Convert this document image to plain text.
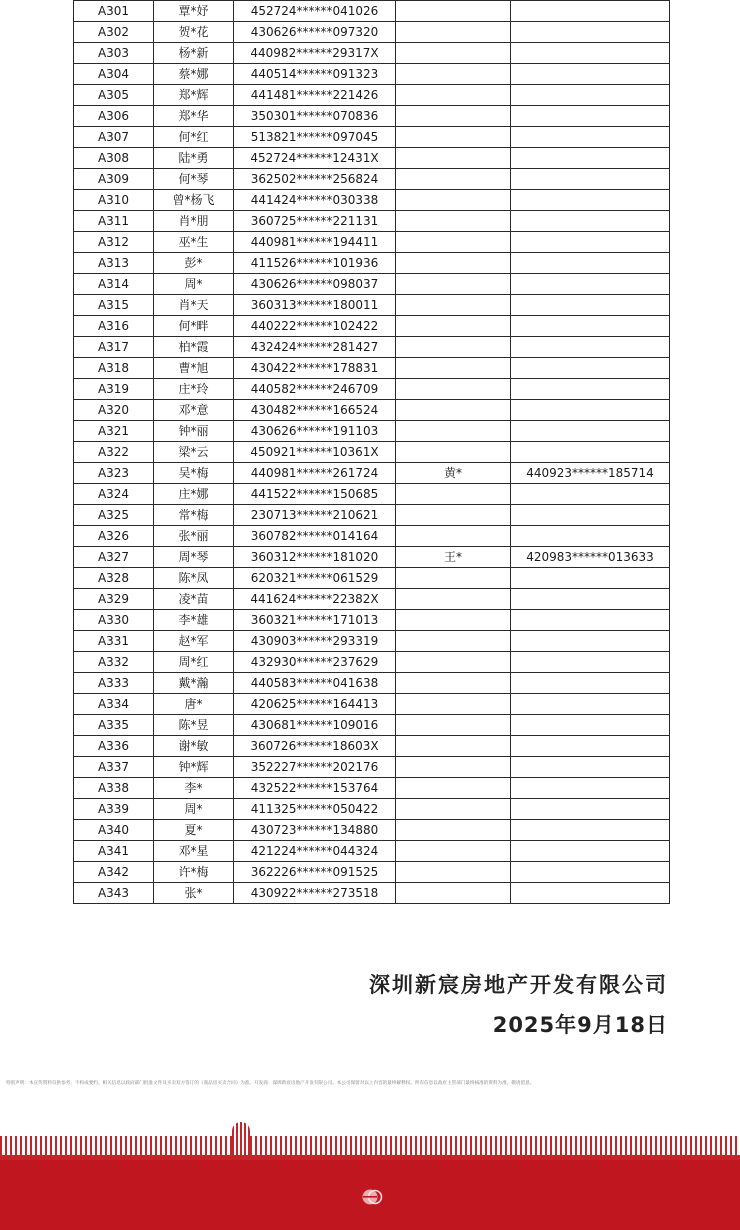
A301	覃*妤	452724******041026		
A302	贺*花	430626******097320		
A303	杨*新	440982******29317X		
A304	蔡*娜	440514******091323		
A305	郑*辉	441481******221426		
A306	郑*华	350301******070836		
A307	何*红	513821******097045		
A308	陆*勇	452724******12431X		
A309	何*琴	362502******256824		
A310	曾*杨飞	441424******030338		
A311	肖*朋	360725******221131		
A312	巫*生	440981******194411		
A313	彭*	411526******101936		
A314	周*	430626******098037		
A315	肖*天	360313******180011		
A316	何*畔	440222******102422		
A317	柏*霞	432424******281427		
A318	曹*旭	430422******178831		
A319	庄*玲	440582******246709		
A320	邓*意	430482******166524		
A321	钟*丽	430626******191103		
A322	梁*云	450921******10361X		
A323	吴*梅	440981******261724	黄*	440923******185714
A324	庄*娜	441522******150685		
A325	常*梅	230713******210621		
A326	张*丽	360782******014164		
A327	周*琴	360312******181020	王*	420983******013633
A328	陈*凤	620321******061529		
A329	凌*苗	441624******22382X		
A330	李*雄	360321******171013		
A331	赵*军	430903******293319		
A332	周*红	432930******237629		
A333	戴*瀚	440583******041638		
A334	唐*	420625******164413		
A335	陈*昱	430681******109016		
A336	谢*敏	360726******18603X		
A337	钟*辉	352227******202176		
A338	李*	432522******153764		
A339	周*	411325******050422		
A340	夏*	430723******134880		
A341	邓*星	421224******044324		
A342	许*梅	362226******091525		
A343	张*	430922******273518		
深圳新宸房地产开发有限公司
2025年9月18日
特别声明：本宣传资料仅供参考，不构成要约。相关信息以政府部门批准文件及买卖双方签订的《商品房买卖合同》为准。开发商：深圳新宸房地产开发有限公司。本公司保留对以上内容的最终解释权。所有信息以政府主管部门最终核准的资料为准，敬请留意。
